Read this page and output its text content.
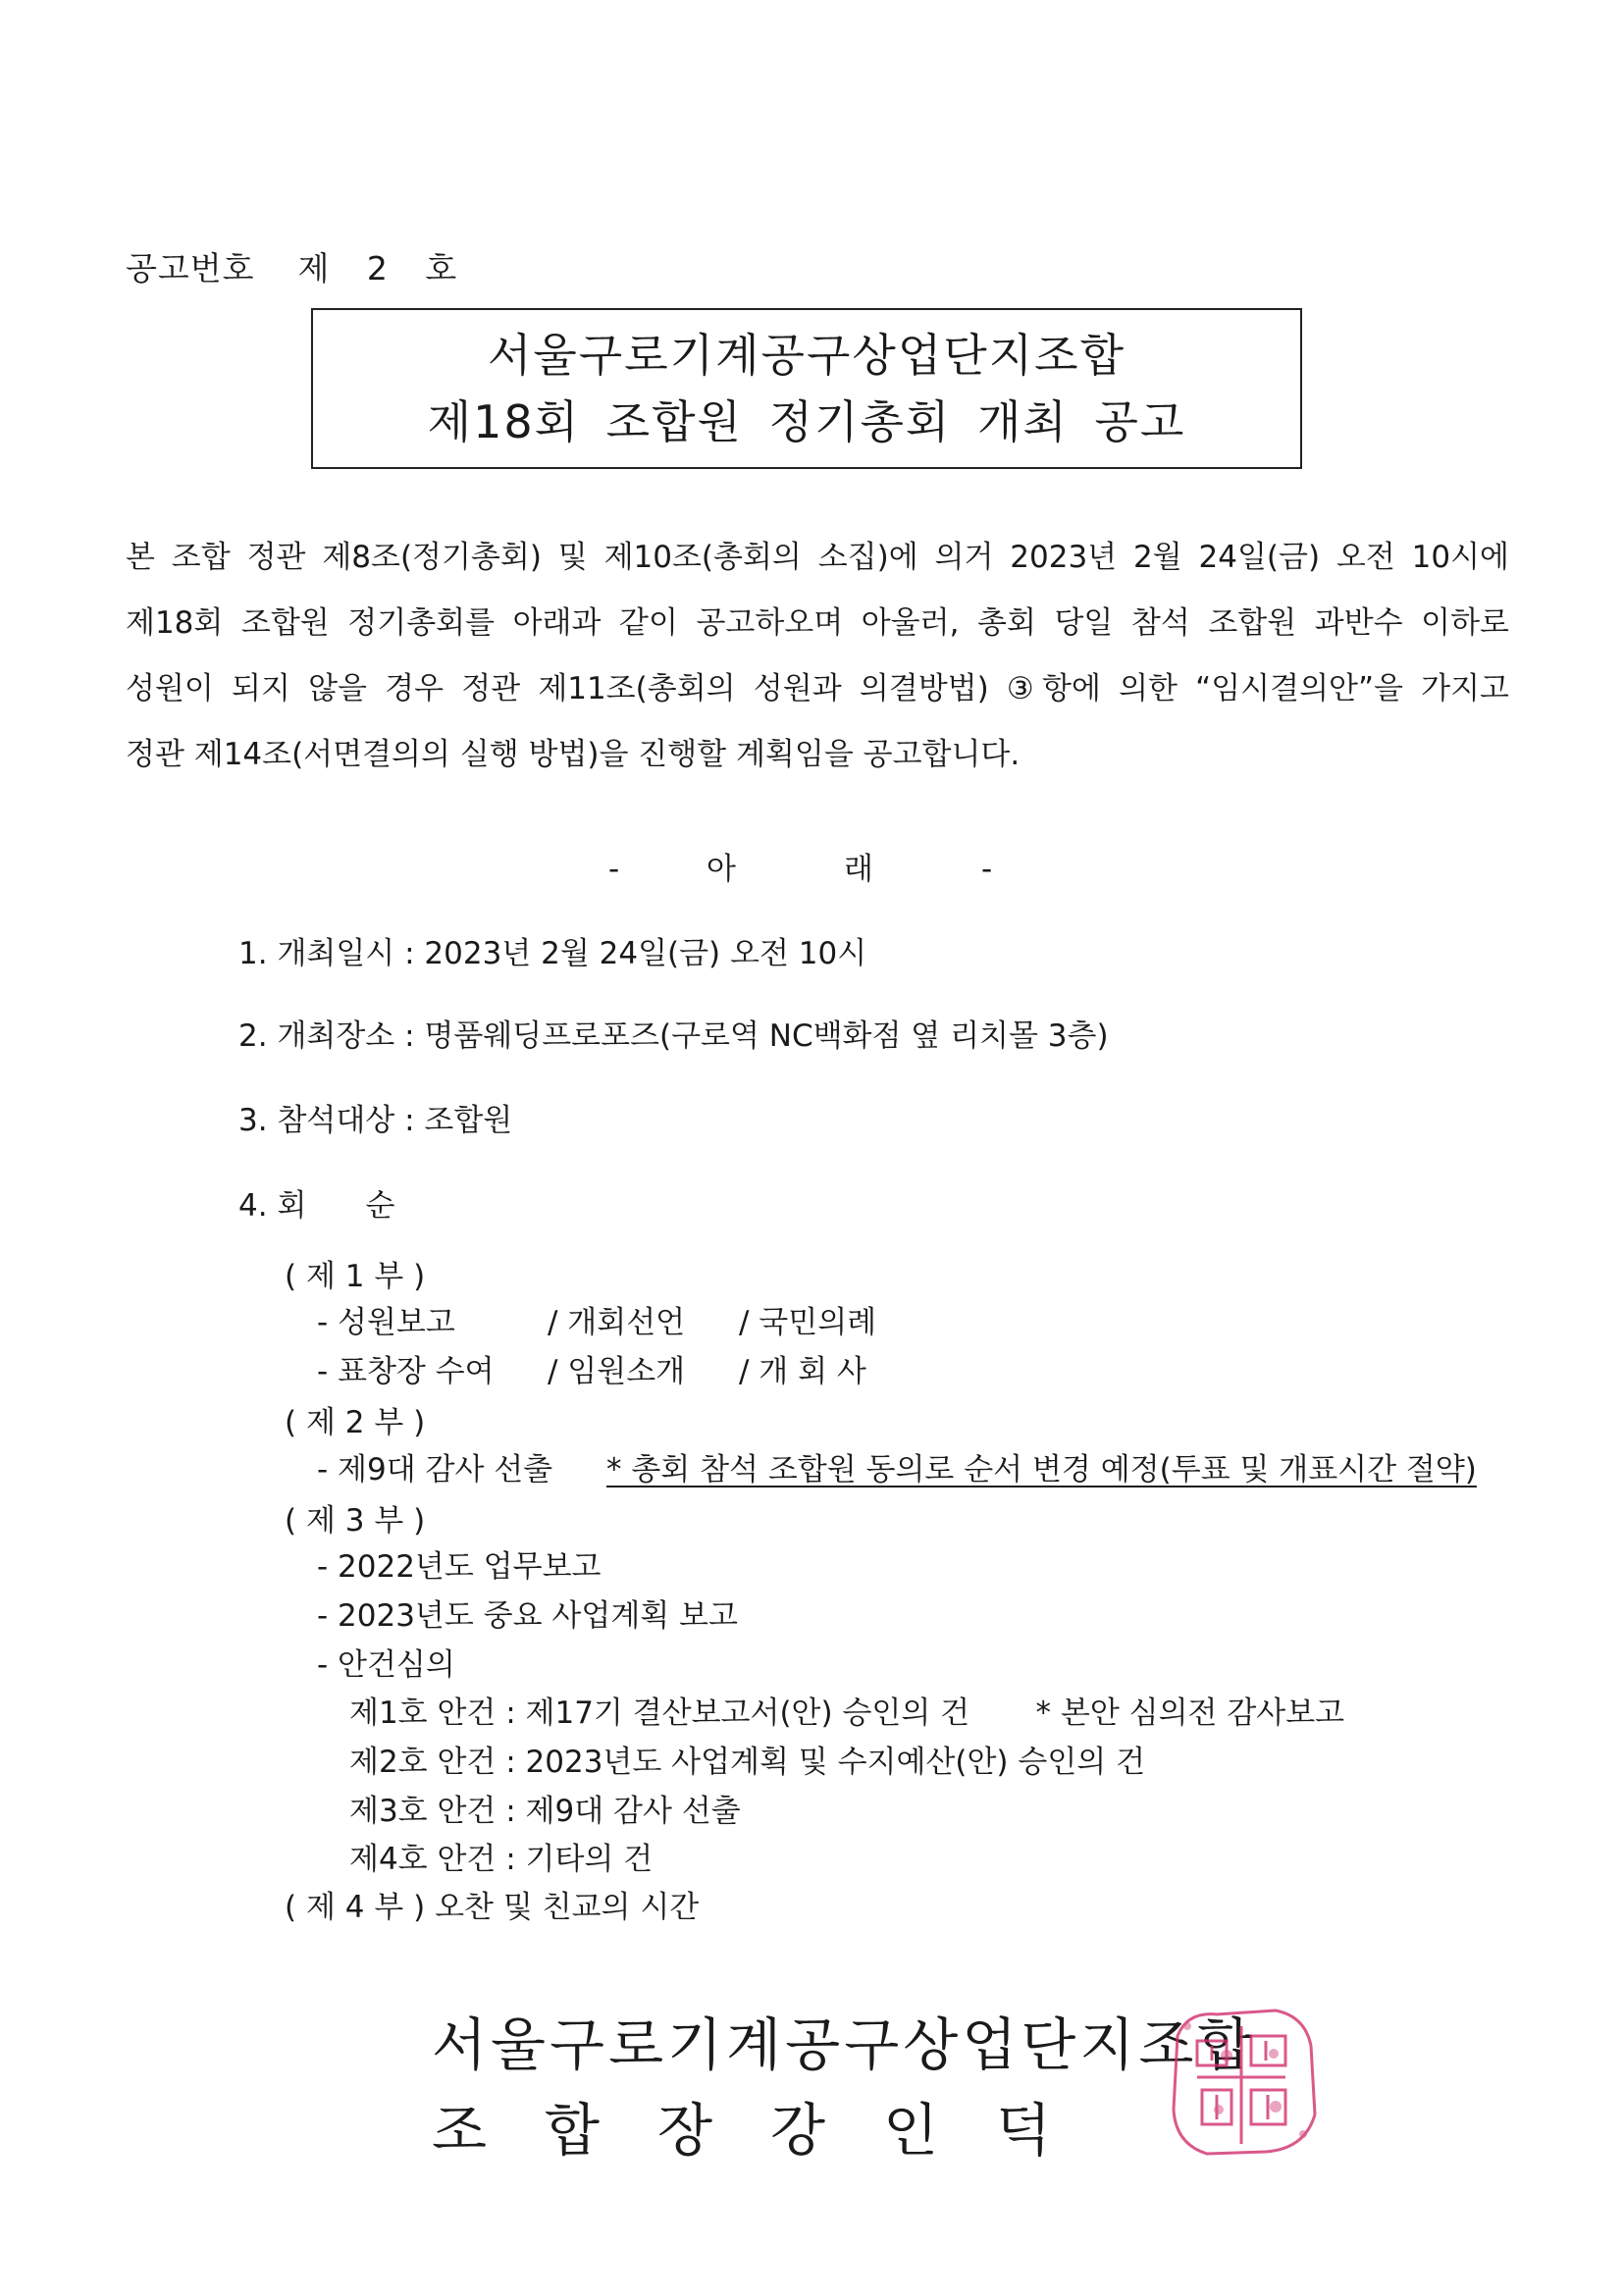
공고번호 제 2 호
서울구로기계공구상업단지조합
제18회 조합원 정기총회 개최 공고
본 조합 정관 제8조(정기총회) 및 제10조(총회의 소집)에 의거 2023년 2월 24일(금) 오전 10시에
제18회 조합원 정기총회를 아래과 같이 공고하오며 아울러, 총회 당일 참석 조합원 과반수 이하로
성원이 되지 않을 경우 정관 제11조(총회의 성원과 의결방법) ③항에 의한 “임시결의안”을 가지고
정관 제14조(서면결의의 실행 방법)을 진행할 계획임을 공고합니다.
-	아	래	-
1. 개최일시 : 2023년 2월 24일(금) 오전 10시
2. 개최장소 : 명품웨딩프로포즈(구로역 NC백화점 옆 리치몰 3층)
3. 참석대상 : 조합원
4. 회 순
( 제 1 부 )
- 성원보고	/ 개회선언 / 국민의례
- 표창장 수여 / 임원소개 / 개 회 사
( 제 2 부 )
- 제9대 감사 선출 * 총회 참석 조합원 동의로 순서 변경 예정(투표 및 개표시간 절약)
( 제 3 부 )
- 2022년도 업무보고
- 2023년도 중요 사업계획 보고
- 안건심의
제1호 안건 : 제17기 결산보고서(안) 승인의 건 * 본안 심의전 감사보고
제2호 안건 : 2023년도 사업계획 및 수지예산(안) 승인의 건
제3호 안건 : 제9대 감사 선출
제4호 안건 : 기타의 건
( 제 4 부 ) 오찬 및 친교의 시간
서울구로기계공구상업단지조합
조 합 장 강 인 덕
